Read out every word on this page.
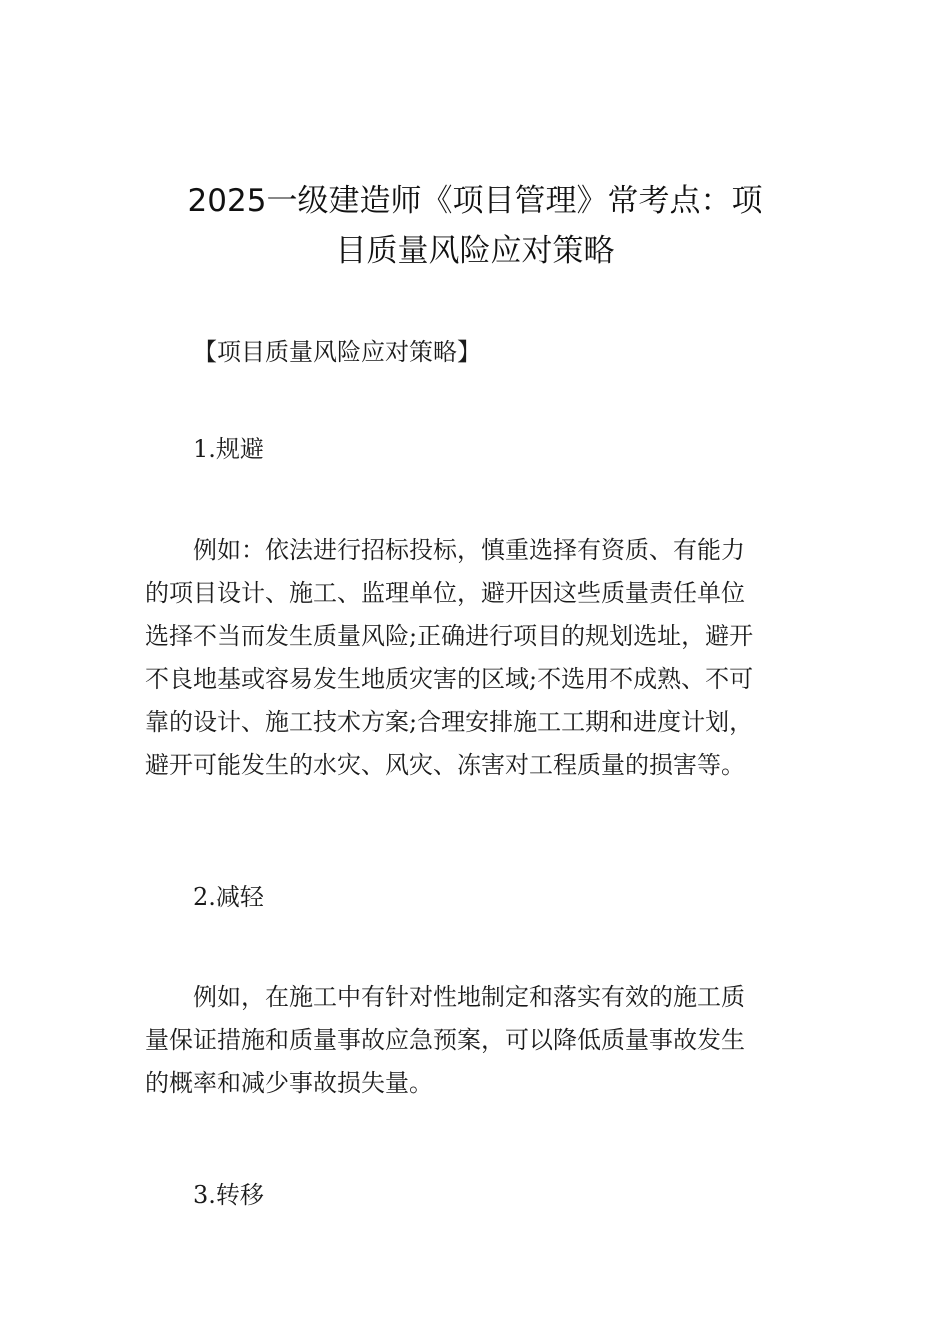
2025一级建造师《项目管理》常考点：项
目质量风险应对策略
【项目质量风险应对策略】
1.规避
例如：依法进行招标投标，慎重选择有资质、有能力
的项目设计、施工、监理单位，避开因这些质量责任单位
选择不当而发生质量风险;正确进行项目的规划选址，避开
不良地基或容易发生地质灾害的区域;不选用不成熟、不可
靠的设计、施工技术方案;合理安排施工工期和进度计划，
避开可能发生的水灾、风灾、冻害对工程质量的损害等。
2.减轻
例如，在施工中有针对性地制定和落实有效的施工质
量保证措施和质量事故应急预案，可以降低质量事故发生
的概率和减少事故损失量。
3.转移
